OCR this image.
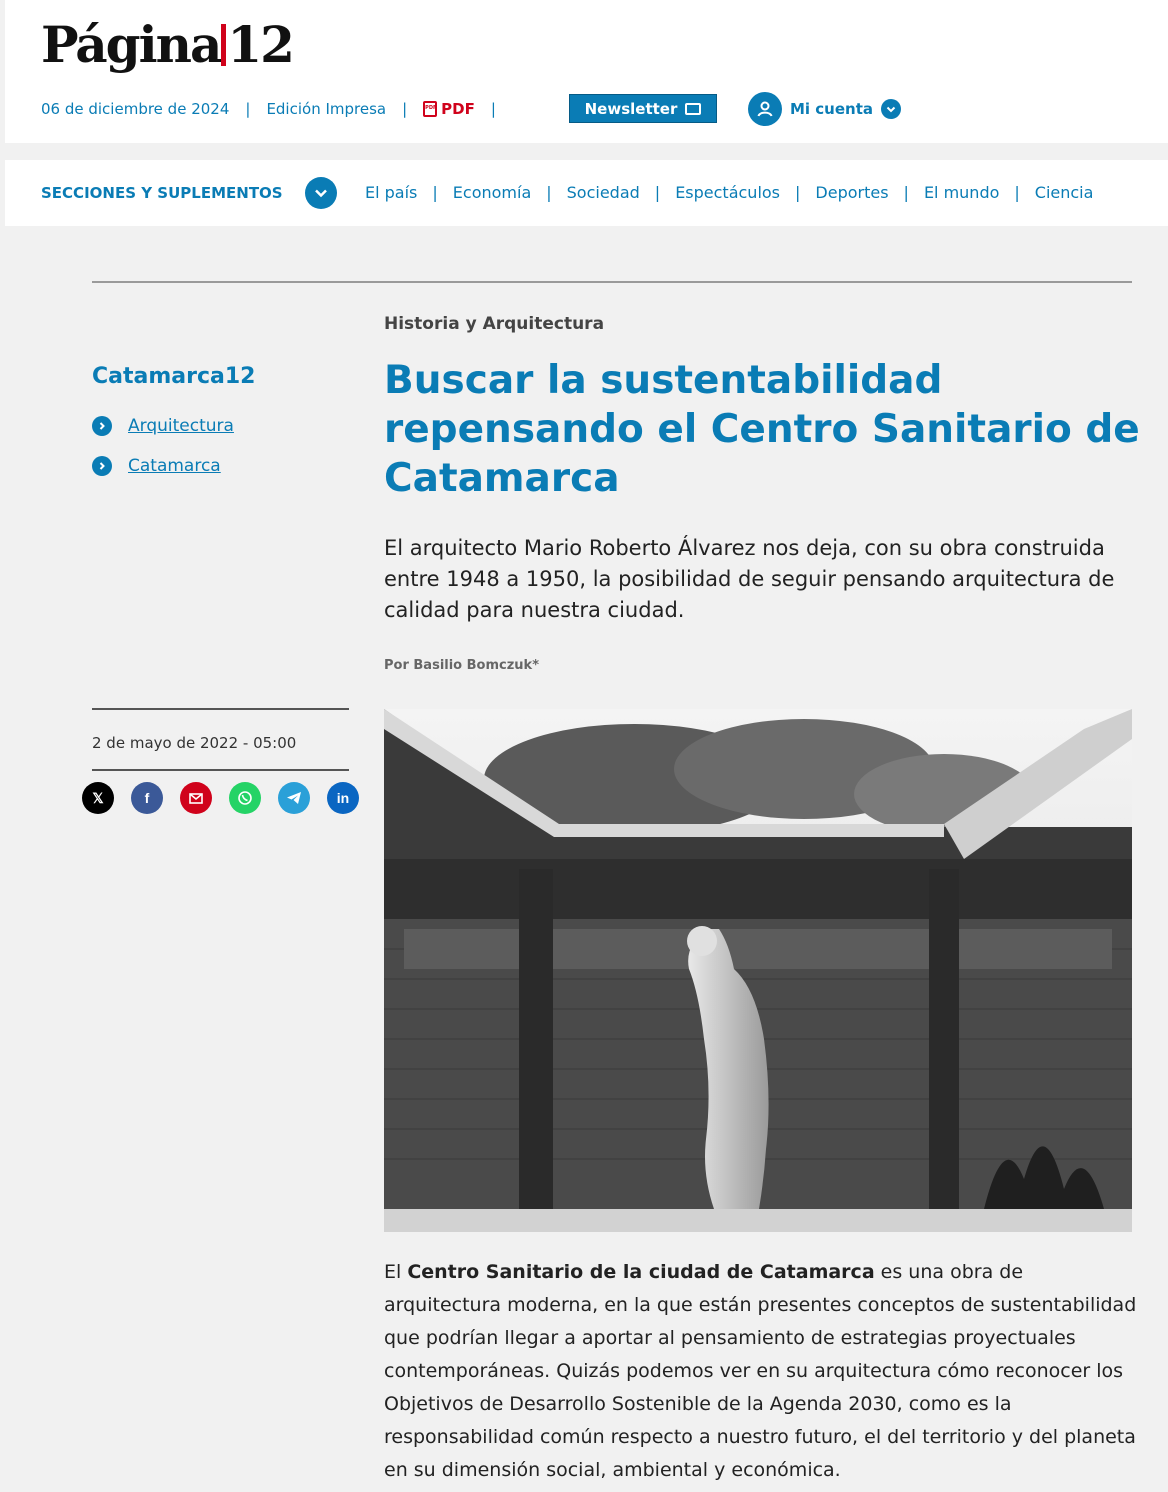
Página 12
06 de diciembre de 2024 | Edición Impresa |	PDF PDF |	Newsletter	Mi cuenta
SECCIONES Y SUPLEMENTOS	El país | Economía | Sociedad | Espectáculos | Deportes | El mundo | Ciencia
Catamarca12
Arquitectura
Catamarca
2 de mayo de 2022 - 05:00
𝕏	f	in
Historia y Arquitectura
Buscar la sustentabilidad repensando el Centro Sanitario de Catamarca

El arquitecto Mario Roberto Álvarez nos deja, con su obra construida entre 1948 a 1950, la posibilidad de seguir pensando arquitectura de calidad para nuestra ciudad.

Por Basilio Bomczuk*

El Centro Sanitario de la ciudad de Catamarca es una obra de arquitectura moderna, en la que están presentes conceptos de sustentabilidad que podrían llegar a aportar al pensamiento de estrategias proyectuales contemporáneas. Quizás podemos ver en su arquitectura cómo reconocer los Objetivos de Desarrollo Sostenible de la Agenda 2030, como es la responsabilidad común respecto a nuestro futuro, el del territorio y del planeta en su dimensión social, ambiental y económica.
